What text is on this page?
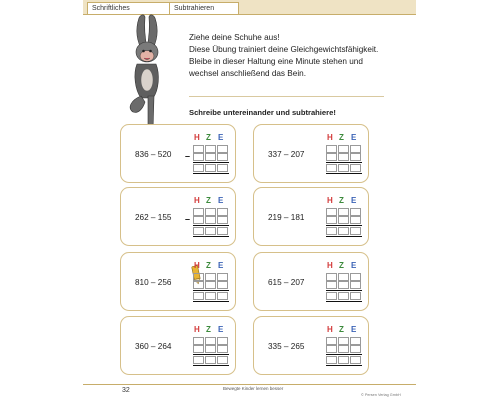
Schriftliches	Subtrahieren
Ziehe deine Schuhe aus!
Diese Übung trainiert deine Gleichgewichtsfähigkeit.
Bleibe in dieser Haltung eine Minute stehen und
wechsel anschließend das Bein.
Schreibe untereinander und subtrahiere!
836 – 520
H Z E
–	337 – 207
H Z E
262 – 155
H Z E
–	219 – 181
H Z E
810 – 256
H Z E
615 – 207
H Z E
360 – 264
H Z E
335 – 265
H Z E
32	Bewegte Kinder lernen besser
© Persen Verlag GmbH
